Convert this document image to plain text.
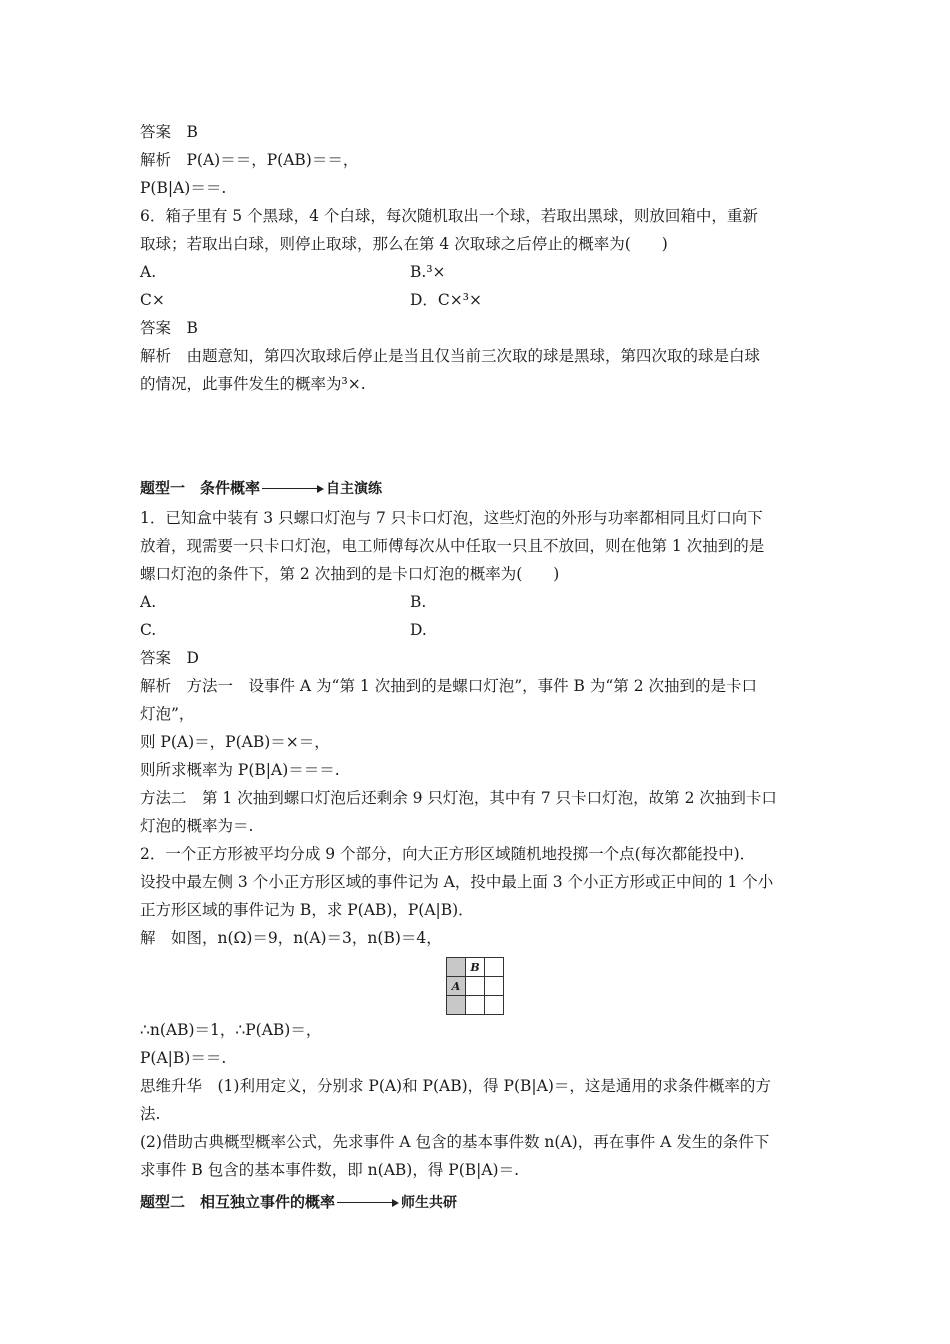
答案　B
解析　P(A)＝＝，P(AB)＝＝，
P(B|A)＝＝.
6．箱子里有 5 个黑球，4 个白球，每次随机取出一个球，若取出黑球，则放回箱中，重新
取球；若取出白球，则停止取球，那么在第 4 次取球之后停止的概率为(　　)
A.	B.³×
C×	D．C×³×
答案　B
解析　由题意知，第四次取球后停止是当且仅当前三次取的球是黑球，第四次取的球是白球
的情况，此事件发生的概率为³×.
题型一　条件概率	自主演练
1．已知盒中装有 3 只螺口灯泡与 7 只卡口灯泡，这些灯泡的外形与功率都相同且灯口向下
放着，现需要一只卡口灯泡，电工师傅每次从中任取一只且不放回，则在他第 1 次抽到的是
螺口灯泡的条件下，第 2 次抽到的是卡口灯泡的概率为(　　)
A.	B.
C.	D.
答案　D
解析　方法一　设事件 A 为“第 1 次抽到的是螺口灯泡”，事件 B 为“第 2 次抽到的是卡口
灯泡”，
则 P(A)＝，P(AB)＝×＝，
则所求概率为 P(B|A)＝＝＝.
方法二　第 1 次抽到螺口灯泡后还剩余 9 只灯泡，其中有 7 只卡口灯泡，故第 2 次抽到卡口
灯泡的概率为＝.
2．一个正方形被平均分成 9 个部分，向大正方形区域随机地投掷一个点(每次都能投中)．
设投中最左侧 3 个小正方形区域的事件记为 A，投中最上面 3 个小正方形或正中间的 1 个小
正方形区域的事件记为 B，求 P(AB)，P(A|B)．
解　如图，n(Ω)＝9，n(A)＝3，n(B)＝4，
	B	
A		

∴n(AB)＝1，∴P(AB)＝，
P(A|B)＝＝.
思维升华　(1)利用定义，分别求 P(A)和 P(AB)，得 P(B|A)＝，这是通用的求条件概率的方
法.
(2)借助古典概型概率公式，先求事件 A 包含的基本事件数 n(A)，再在事件 A 发生的条件下
求事件 B 包含的基本事件数，即 n(AB)，得 P(B|A)＝.
题型二　相互独立事件的概率	师生共研
